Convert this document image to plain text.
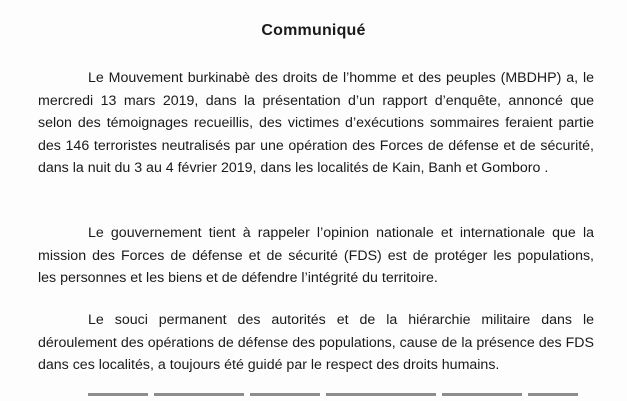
Communiqué
Le Mouvement burkinabè des droits de l’homme et des peuples (MBDHP) a, le
mercredi 13 mars 2019, dans la présentation d’un rapport d’enquête, annoncé que
selon des témoignages recueillis, des victimes d’exécutions sommaires feraient partie
des 146 terroristes neutralisés par une opération des Forces de défense et de sécurité,
dans la nuit du 3 au 4 février 2019, dans les localités de Kain, Banh et Gomboro .
Le gouvernement tient à rappeler l’opinion nationale et internationale que la
mission des Forces de défense et de sécurité (FDS) est de protéger les populations,
les personnes et les biens et de défendre l’intégrité du territoire.
Le souci permanent des autorités et de la hiérarchie militaire dans le
déroulement des opérations de défense des populations, cause de la présence des FDS
dans ces localités, a toujours été guidé par le respect des droits humains.
